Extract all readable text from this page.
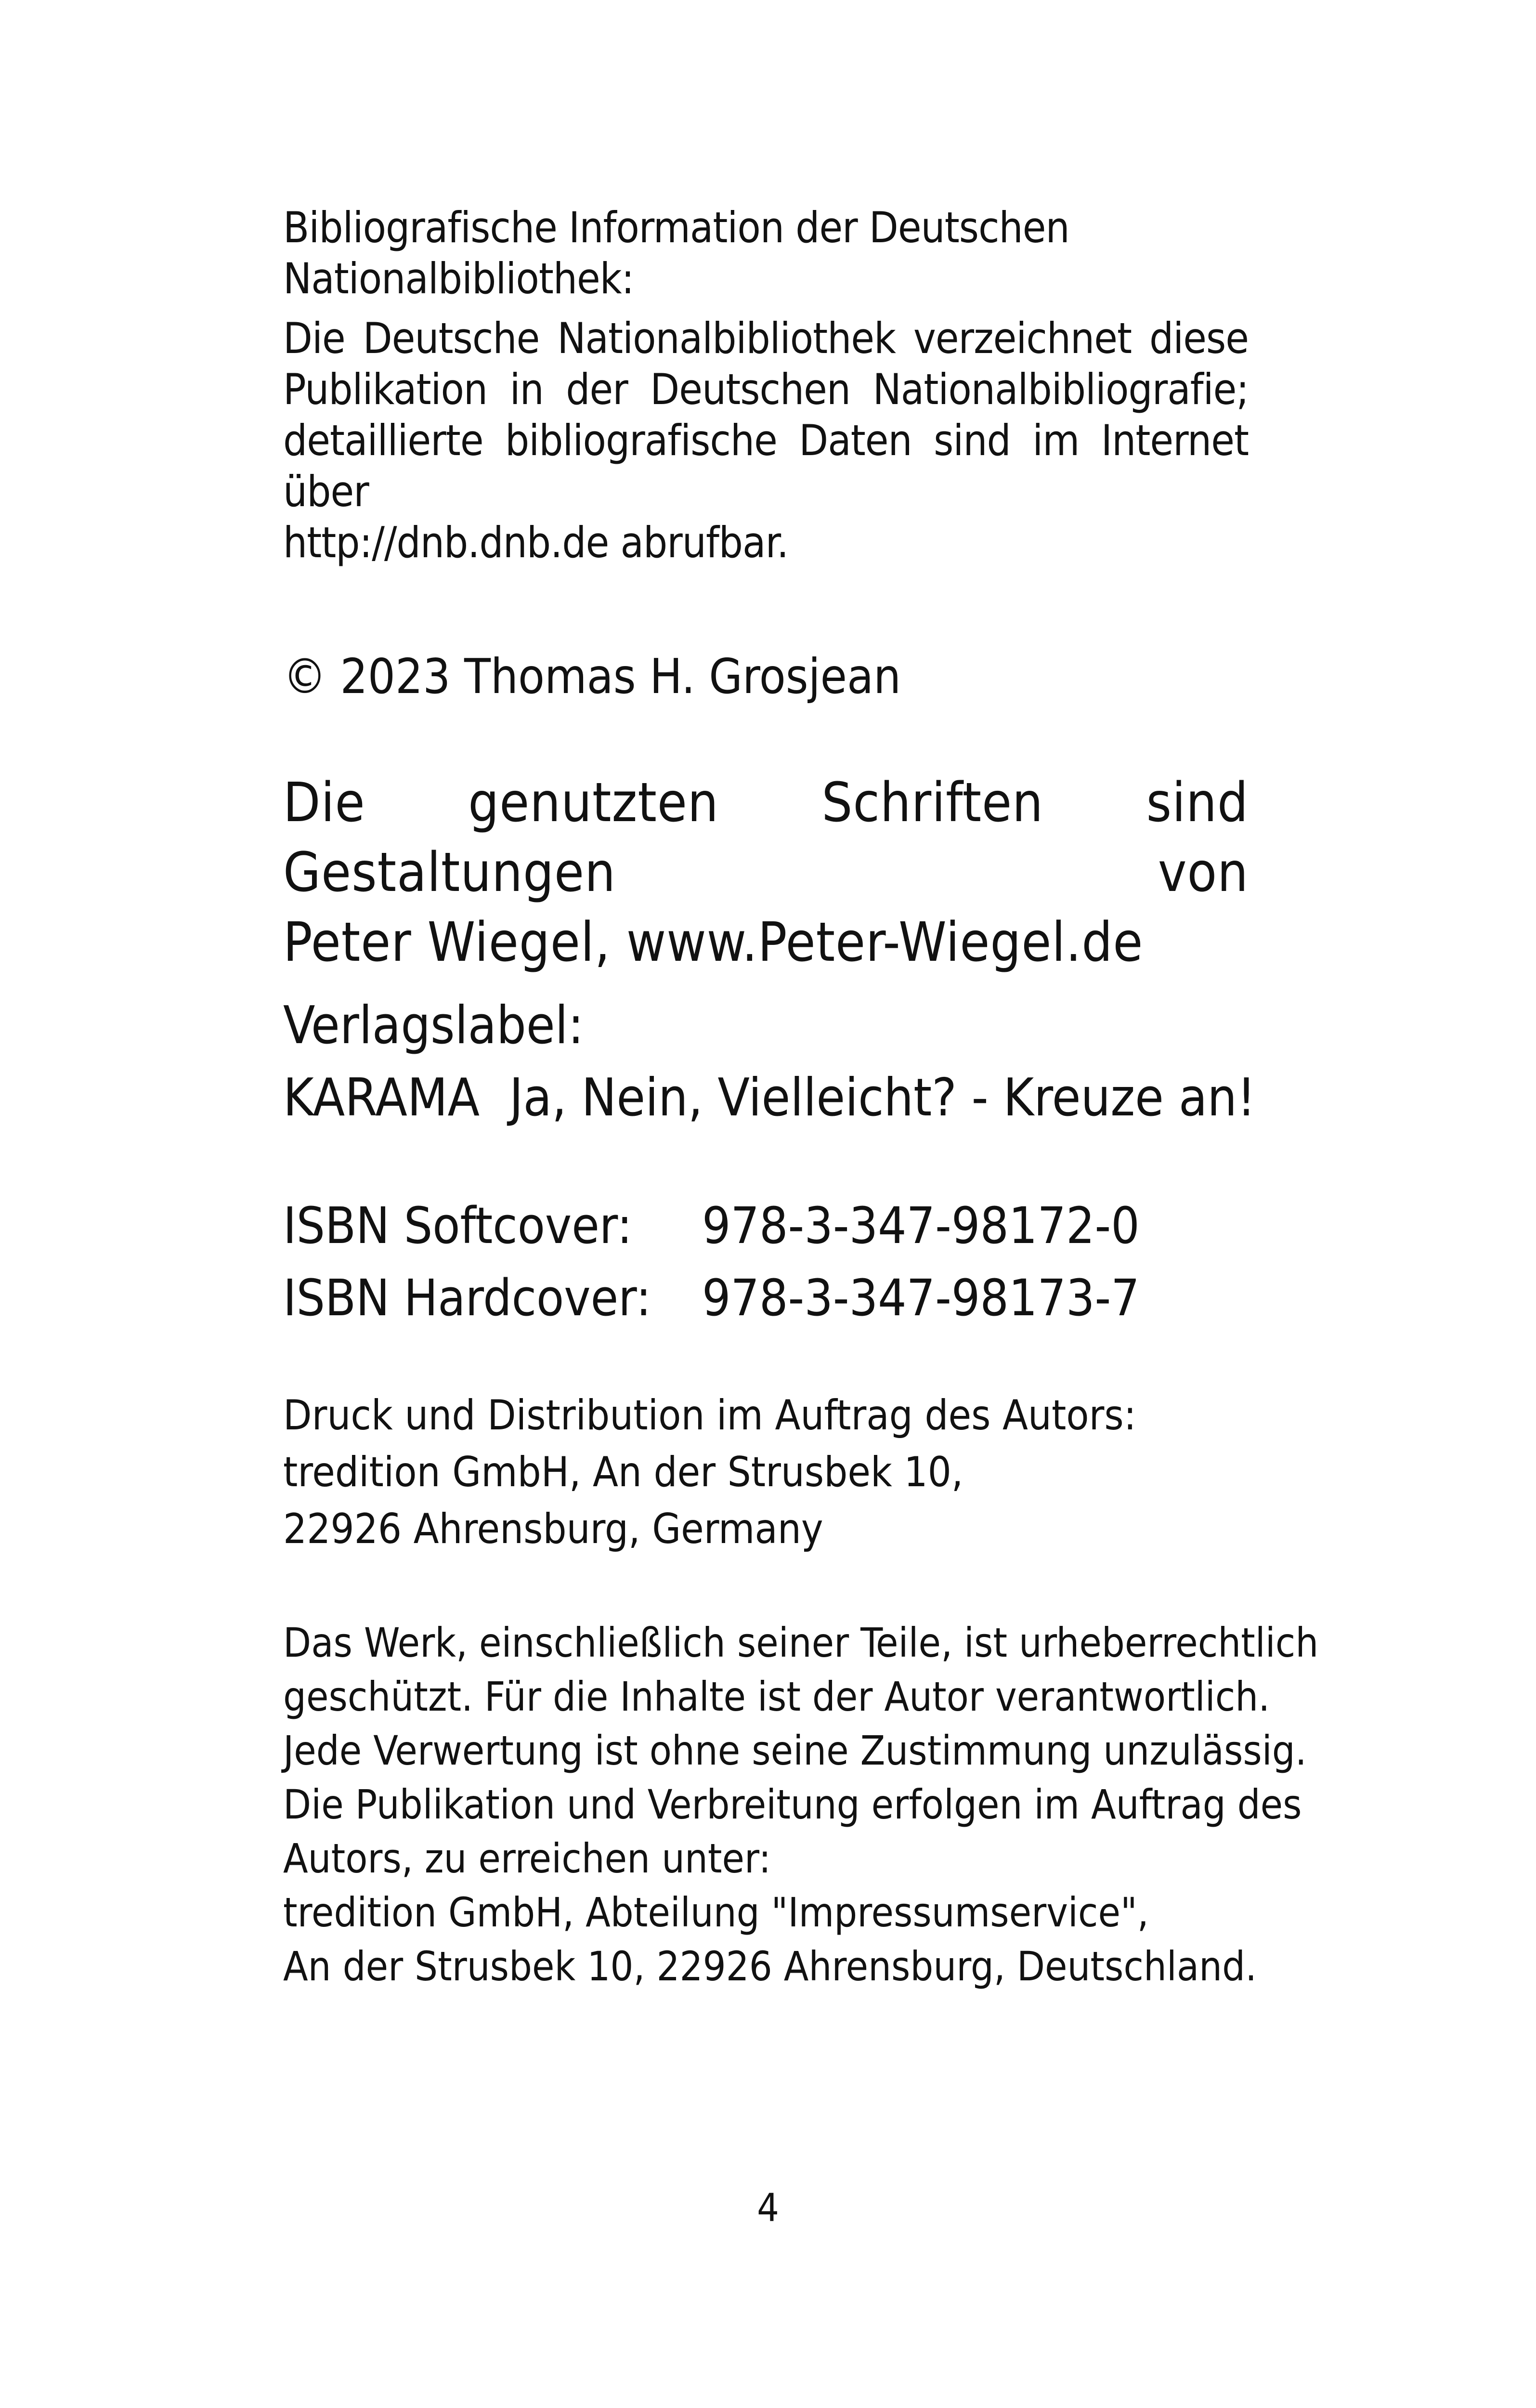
Bibliografische Information der Deutschen
Nationalbibliothek:
Die Deutsche Nationalbibliothek verzeichnet diese
Publikation in der Deutschen Nationalbibliografie;
detaillierte bibliografische Daten sind im Internet über
http://dnb.dnb.de abrufbar.
© 2023 Thomas H. Grosjean
Die genutzten Schriften sind Gestaltungen von
Peter Wiegel, www.Peter-Wiegel.de
Verlagslabel:
KARAMA  Ja, Nein, Vielleicht? - Kreuze an!
ISBN Softcover:	978-3-347-98172-0
ISBN Hardcover:	978-3-347-98173-7
Druck und Distribution im Auftrag des Autors:
tredition GmbH, An der Strusbek 10,
22926 Ahrensburg, Germany
Das Werk, einschließlich seiner Teile, ist urheberrechtlich
geschützt. Für die Inhalte ist der Autor verantwortlich.
Jede Verwertung ist ohne seine Zustimmung unzulässig.
Die Publikation und Verbreitung erfolgen im Auftrag des
Autors, zu erreichen unter:
tredition GmbH, Abteilung "Impressumservice",
An der Strusbek 10, 22926 Ahrensburg, Deutschland.
4
